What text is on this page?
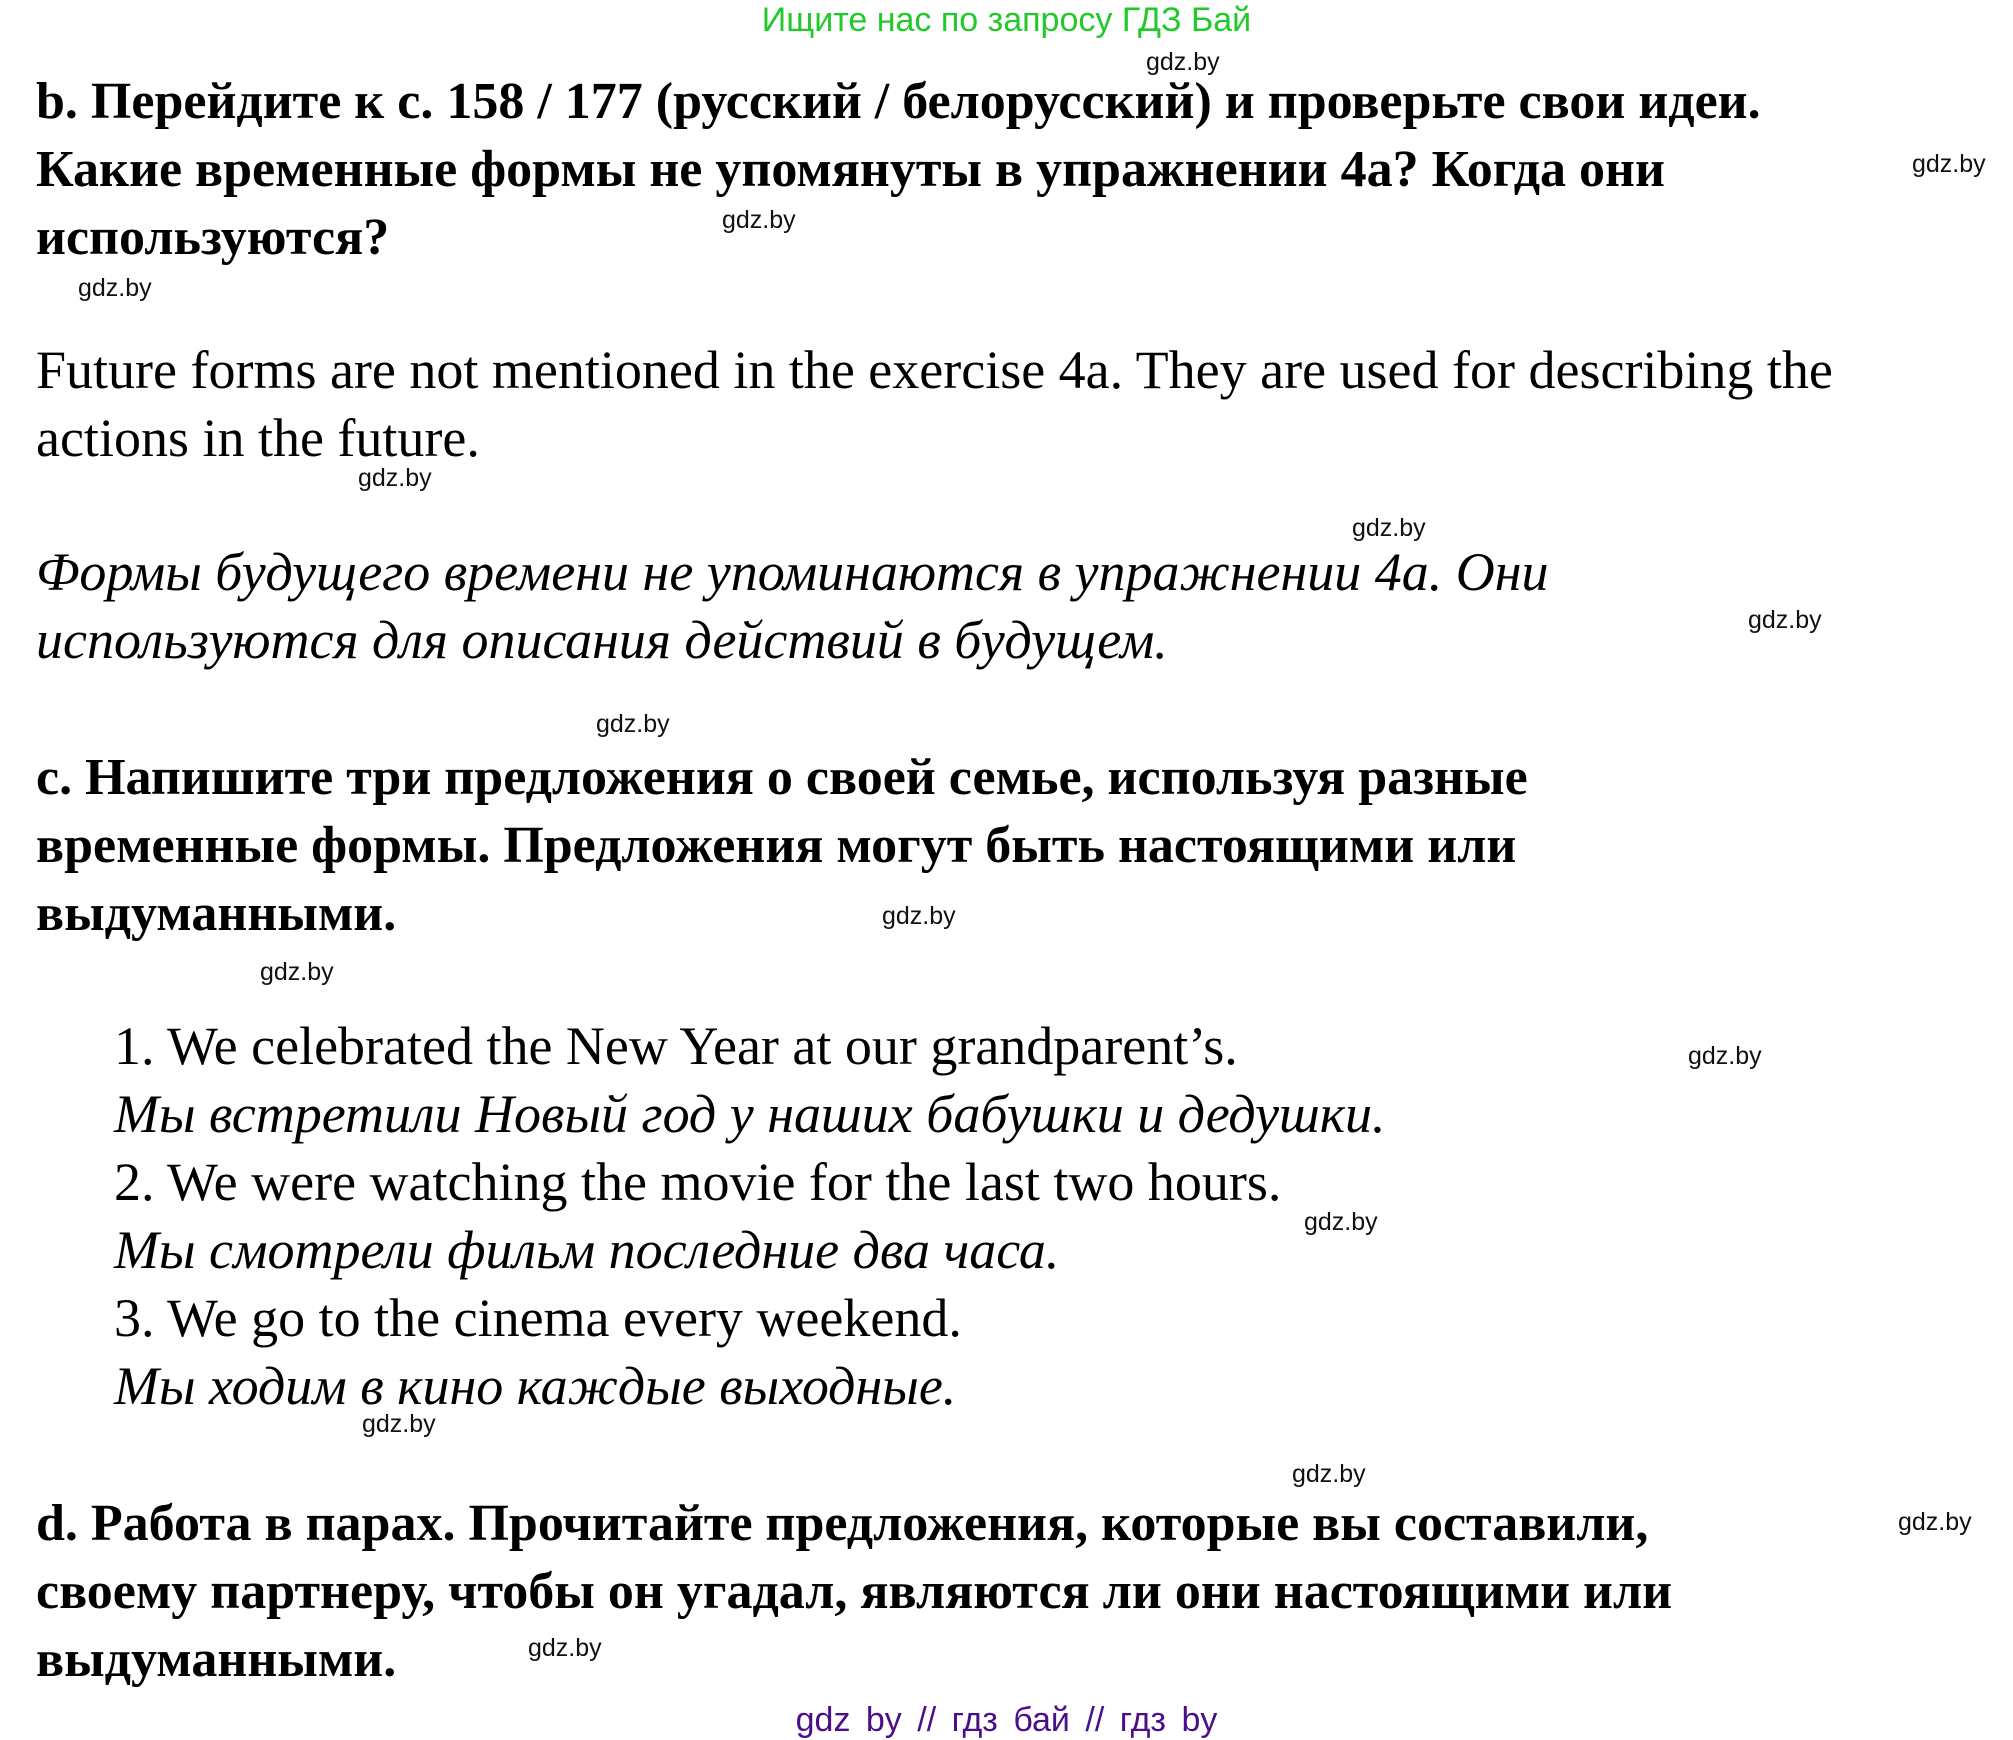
Ищите нас по запросу ГДЗ Бай
b. Перейдите к с. 158 / 177 (русский / белорусский) и проверьте свои идеи.
Какие временные формы не упомянуты в упражнении 4a? Когда они
используются?
Future forms are not mentioned in the exercise 4a. They are used for describing the
actions in the future.
Формы будущего времени не упоминаются в упражнении 4а. Они
используются для описания действий в будущем.
c. Напишите три предложения о своей семье, используя разные
временные формы. Предложения могут быть настоящими или
выдуманными.
1. We celebrated the New Year at our grandparent’s.
Мы встретили Новый год у наших бабушки и дедушки.
2. We were watching the movie for the last two hours.
Мы смотрели фильм последние два часа.
3. We go to the cinema every weekend.
Мы ходим в кино каждые выходные.
d. Работа в парах. Прочитайте предложения, которые вы составили,
своему партнеру, чтобы он угадал, являются ли они настоящими или
выдуманными.
gdz.by
gdz.by
gdz.by
gdz.by
gdz.by
gdz.by
gdz.by
gdz.by
gdz.by
gdz.by
gdz.by
gdz.by
gdz.by
gdz.by
gdz.by
gdz.by
gdz by // гдз бай // гдз by
